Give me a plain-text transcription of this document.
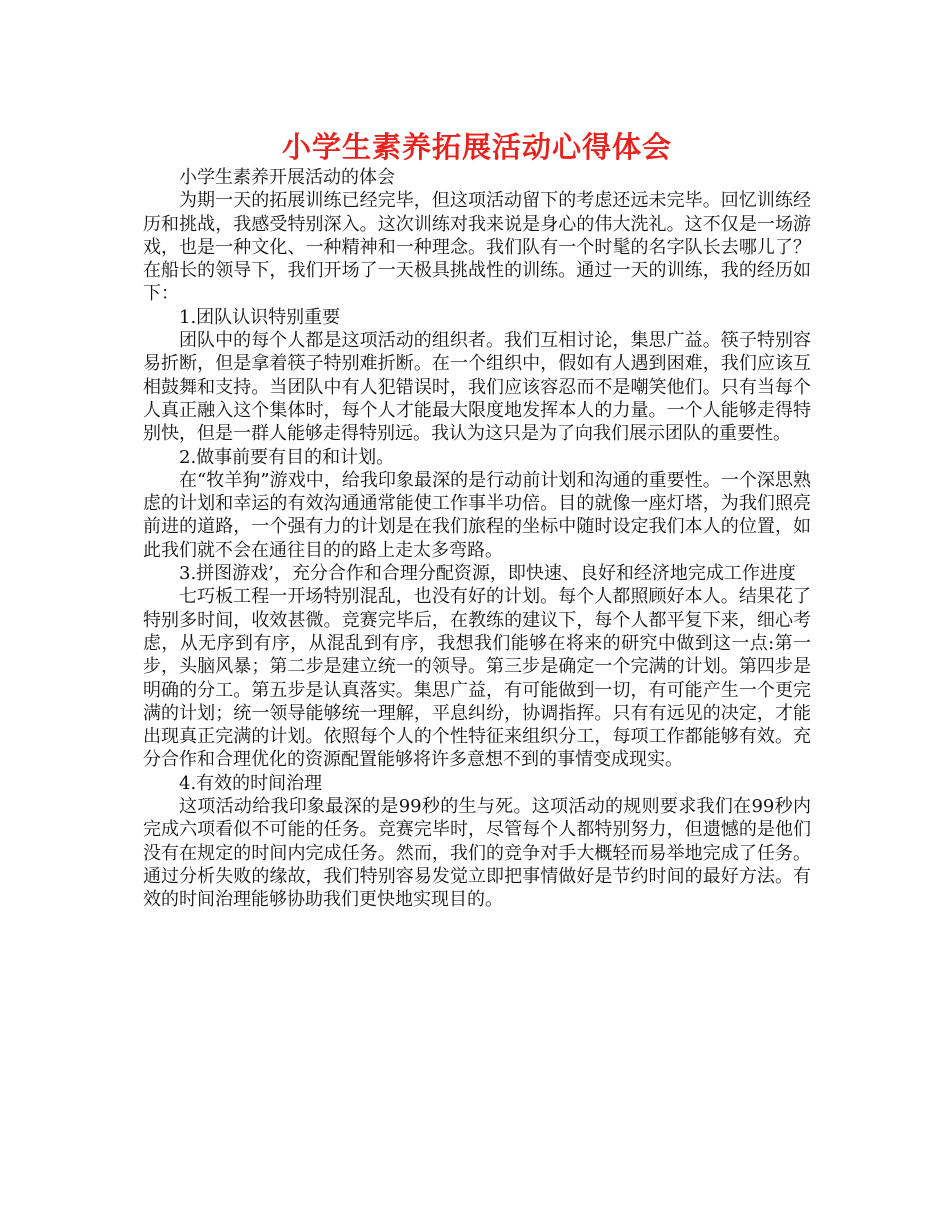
小学生素养拓展活动心得体会

小学生素养开展活动的体会

为期一天的拓展训练已经完毕，但这项活动留下的考虑还远未完毕。回忆训练经历和挑战，我感受特别深入。这次训练对我来说是身心的伟大洗礼。这不仅是一场游戏，也是一种文化、一种精神和一种理念。我们队有一个时髦的名字队长去哪儿了？在船长的领导下，我们开场了一天极具挑战性的训练。通过一天的训练，我的经历如下：

1.团队认识特别重要

团队中的每个人都是这项活动的组织者。我们互相讨论，集思广益。筷子特别容易折断，但是拿着筷子特别难折断。在一个组织中，假如有人遇到困难，我们应该互相鼓舞和支持。当团队中有人犯错误时，我们应该容忍而不是嘲笑他们。只有当每个人真正融入这个集体时，每个人才能最大限度地发挥本人的力量。一个人能够走得特别快，但是一群人能够走得特别远。我认为这只是为了向我们展示团队的重要性。

2.做事前要有目的和计划。

在“牧羊狗”游戏中，给我印象最深的是行动前计划和沟通的重要性。一个深思熟虑的计划和幸运的有效沟通通常能使工作事半功倍。目的就像一座灯塔，为我们照亮前进的道路，一个强有力的计划是在我们旅程的坐标中随时设定我们本人的位置，如此我们就不会在通往目的的路上走太多弯路。

3.拼图游戏’，充分合作和合理分配资源，即快速、良好和经济地完成工作进度

七巧板工程一开场特别混乱，也没有好的计划。每个人都照顾好本人。结果花了特别多时间，收效甚微。竞赛完毕后，在教练的建议下，每个人都平复下来，细心考虑，从无序到有序，从混乱到有序，我想我们能够在将来的研究中做到这一点:第一步，头脑风暴；第二步是建立统一的领导。第三步是确定一个完满的计划。第四步是明确的分工。第五步是认真落实。集思广益，有可能做到一切，有可能产生一个更完满的计划；统一领导能够统一理解，平息纠纷，协调指挥。只有有远见的决定，才能出现真正完满的计划。依照每个人的个性特征来组织分工，每项工作都能够有效。充分合作和合理优化的资源配置能够将许多意想不到的事情变成现实。

4.有效的时间治理

这项活动给我印象最深的是99秒的生与死。这项活动的规则要求我们在99秒内完成六项看似不可能的任务。竞赛完毕时，尽管每个人都特别努力，但遗憾的是他们没有在规定的时间内完成任务。然而，我们的竞争对手大概轻而易举地完成了任务。通过分析失败的缘故，我们特别容易发觉立即把事情做好是节约时间的最好方法。有效的时间治理能够协助我们更快地实现目的。
